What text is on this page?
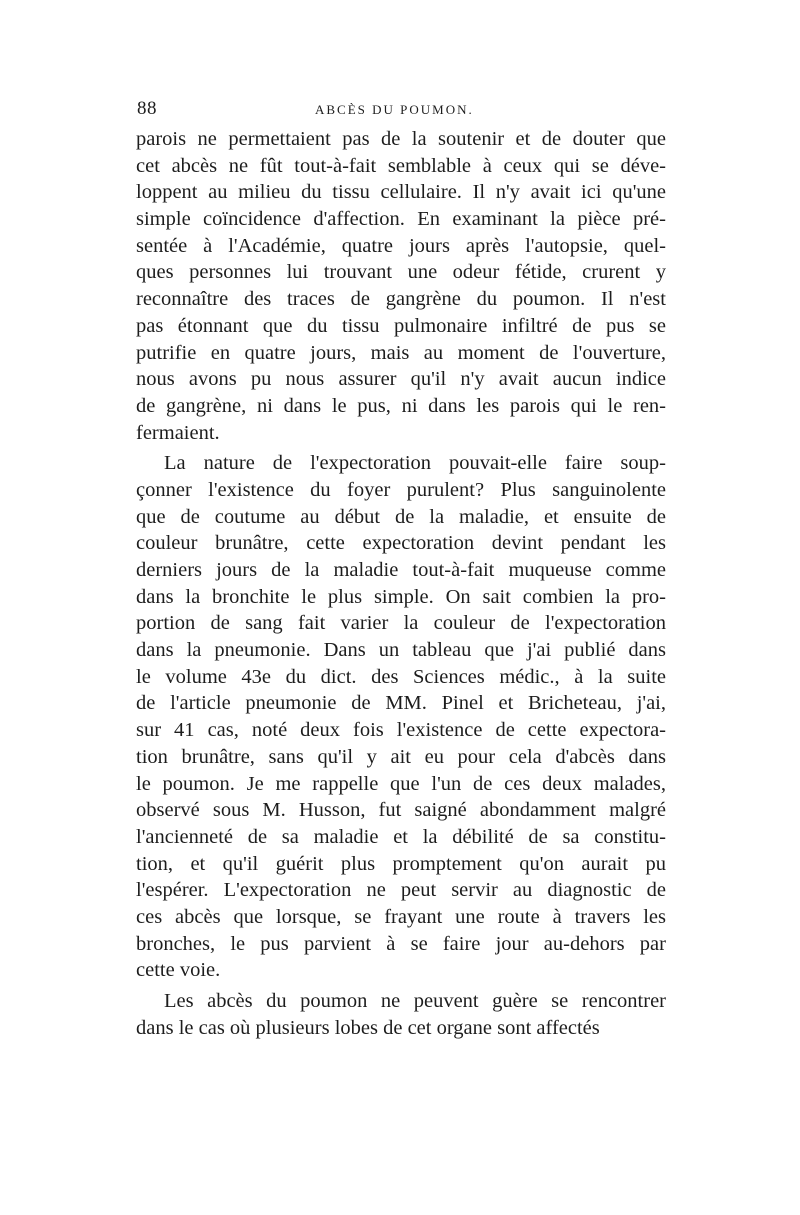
88	ABCÈS DU POUMON.
parois ne permettaient pas de la soutenir et de douter que
cet abcès ne fût tout-à-fait semblable à ceux qui se déve-
loppent au milieu du tissu cellulaire. Il n'y avait ici qu'une
simple coïncidence d'affection. En examinant la pièce pré-
sentée à l'Académie, quatre jours après l'autopsie, quel-
ques personnes lui trouvant une odeur fétide, crurent y
reconnaître des traces de gangrène du poumon. Il n'est
pas étonnant que du tissu pulmonaire infiltré de pus se
putrifie en quatre jours, mais au moment de l'ouverture,
nous avons pu nous assurer qu'il n'y avait aucun indice
de gangrène, ni dans le pus, ni dans les parois qui le ren-
fermaient.
La nature de l'expectoration pouvait-elle faire soup-
çonner l'existence du foyer purulent? Plus sanguinolente
que de coutume au début de la maladie, et ensuite de
couleur brunâtre, cette expectoration devint pendant les
derniers jours de la maladie tout-à-fait muqueuse comme
dans la bronchite le plus simple. On sait combien la pro-
portion de sang fait varier la couleur de l'expectoration
dans la pneumonie. Dans un tableau que j'ai publié dans
le volume 43e du dict. des Sciences médic., à la suite
de l'article pneumonie de MM. Pinel et Bricheteau, j'ai,
sur 41 cas, noté deux fois l'existence de cette expectora-
tion brunâtre, sans qu'il y ait eu pour cela d'abcès dans
le poumon. Je me rappelle que l'un de ces deux malades,
observé sous M. Husson, fut saigné abondamment malgré
l'ancienneté de sa maladie et la débilité de sa constitu-
tion, et qu'il guérit plus promptement qu'on aurait pu
l'espérer. L'expectoration ne peut servir au diagnostic de
ces abcès que lorsque, se frayant une route à travers les
bronches, le pus parvient à se faire jour au-dehors par
cette voie.
Les abcès du poumon ne peuvent guère se rencontrer
dans le cas où plusieurs lobes de cet organe sont affectés
